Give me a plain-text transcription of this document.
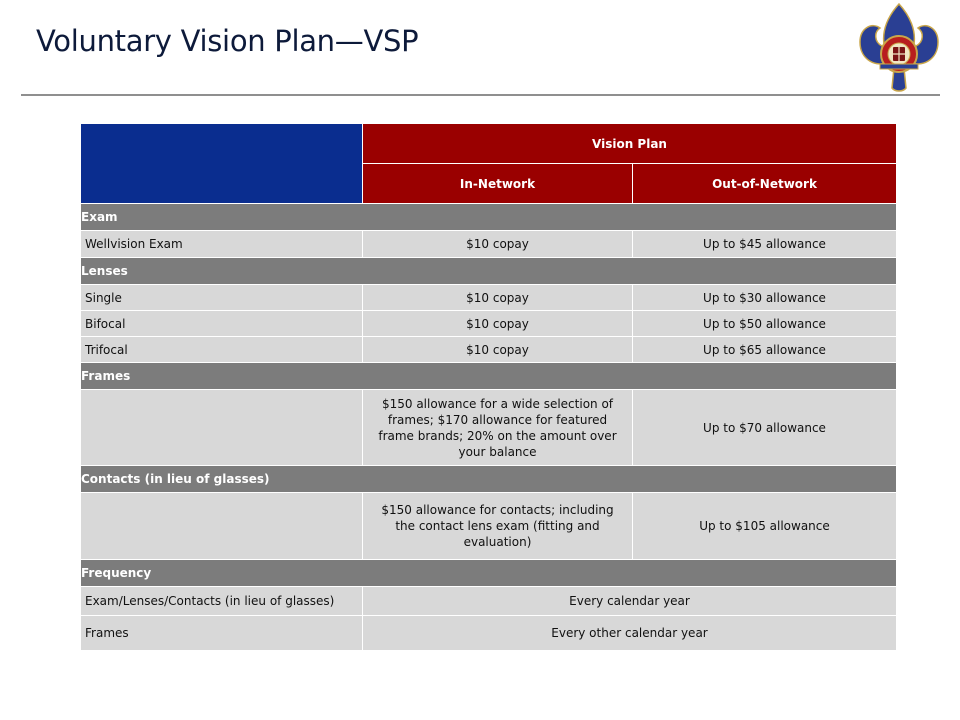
Voluntary Vision Plan—VSP
	Vision Plan	
	In-Network	Out-of-Network
Exam		
Wellvision Exam	$10 copay	Up to $45 allowance
Lenses		
Single	$10 copay	Up to $30 allowance
Bifocal	$10 copay	Up to $50 allowance
Trifocal	$10 copay	Up to $65 allowance
Frames		
	$150 allowance for a wide selection of frames; $170 allowance for featured frame brands; 20% on the amount over your balance	Up to $70 allowance
Contacts (in lieu of glasses)		
	$150 allowance for contacts; including the contact lens exam (fitting and evaluation)	Up to $105 allowance
Frequency		
Exam/Lenses/Contacts (in lieu of glasses)	Every calendar year	
Frames	Every other calendar year	
